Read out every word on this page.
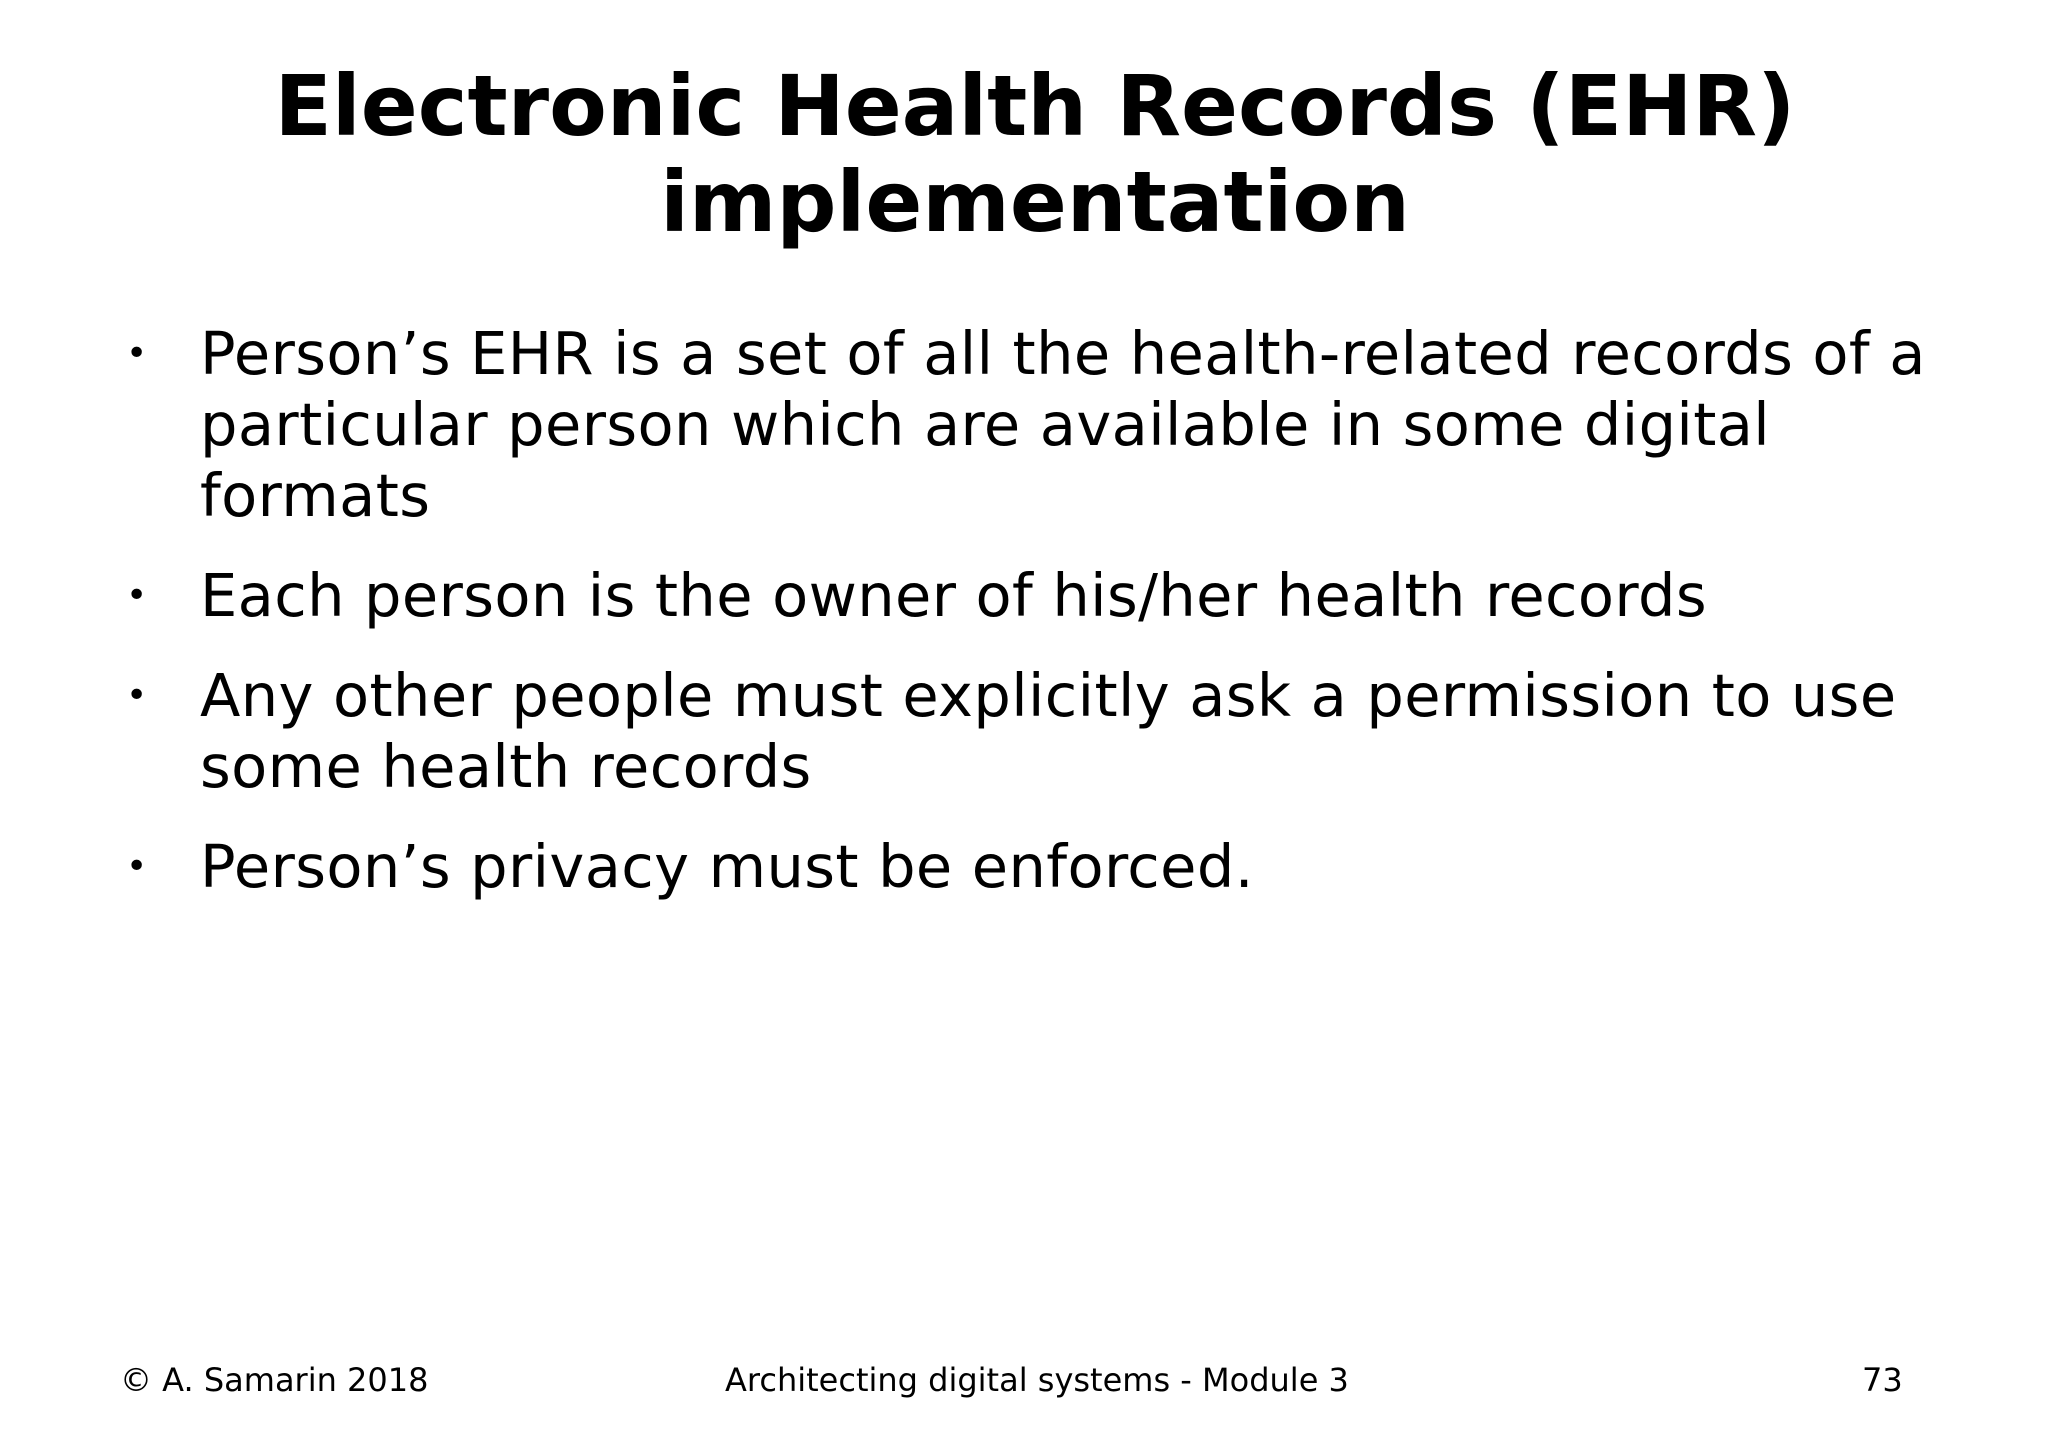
Electronic Health Records (EHR)
implementation
• Person’s EHR is a set of all the health-related records of a particular person which are available in some digital formats
• Each person is the owner of his/her health records
• Any other people must explicitly ask a permission to use some health records
• Person’s privacy must be enforced.
© A. Samarin 2018	Architecting digital systems - Module 3	73
